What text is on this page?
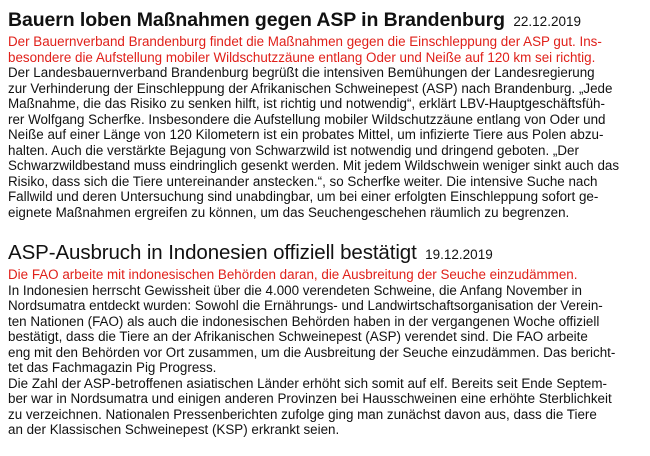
Bauern loben Maßnahmen gegen ASP in Brandenburg 22.12.2019
Der Bauernverband Brandenburg findet die Maßnahmen gegen die Einschleppung der ASP gut. Ins-
besondere die Aufstellung mobiler Wildschutzzäune entlang Oder und Neiße auf 120 km sei richtig.
Der Landesbauernverband Brandenburg begrüßt die intensiven Bemühungen der Landesregierung
zur Verhinderung der Einschleppung der Afrikanischen Schweinepest (ASP) nach Brandenburg. „Jede
Maßnahme, die das Risiko zu senken hilft, ist richtig und notwendig“, erklärt LBV-Hauptgeschäftsfüh-
rer Wolfgang Scherfke. Insbesondere die Aufstellung mobiler Wildschutzzäune entlang von Oder und
Neiße auf einer Länge von 120 Kilometern ist ein probates Mittel, um infizierte Tiere aus Polen abzu-
halten. Auch die verstärkte Bejagung von Schwarzwild ist notwendig und dringend geboten. „Der
Schwarzwildbestand muss eindringlich gesenkt werden. Mit jedem Wildschwein weniger sinkt auch das
Risiko, dass sich die Tiere untereinander anstecken.“, so Scherfke weiter. Die intensive Suche nach
Fallwild und deren Untersuchung sind unabdingbar, um bei einer erfolgten Einschleppung sofort ge-
eignete Maßnahmen ergreifen zu können, um das Seuchengeschehen räumlich zu begrenzen.
ASP-Ausbruch in Indonesien offiziell bestätigt 19.12.2019
Die FAO arbeite mit indonesischen Behörden daran, die Ausbreitung der Seuche einzudämmen.
In Indonesien herrscht Gewissheit über die 4.000 verendeten Schweine, die Anfang November in
Nordsumatra entdeckt wurden: Sowohl die Ernährungs- und Landwirtschaftsorganisation der Verein-
ten Nationen (FAO) als auch die indonesischen Behörden haben in der vergangenen Woche offiziell
bestätigt, dass die Tiere an der Afrikanischen Schweinepest (ASP) verendet sind. Die FAO arbeite
eng mit den Behörden vor Ort zusammen, um die Ausbreitung der Seuche einzudämmen. Das bericht-
tet das Fachmagazin Pig Progress.
Die Zahl der ASP-betroffenen asiatischen Länder erhöht sich somit auf elf. Bereits seit Ende Septem-
ber war in Nordsumatra und einigen anderen Provinzen bei Hausschweinen eine erhöhte Sterblichkeit
zu verzeichnen. Nationalen Pressenberichten zufolge ging man zunächst davon aus, dass die Tiere
an der Klassischen Schweinepest (KSP) erkrankt seien.
